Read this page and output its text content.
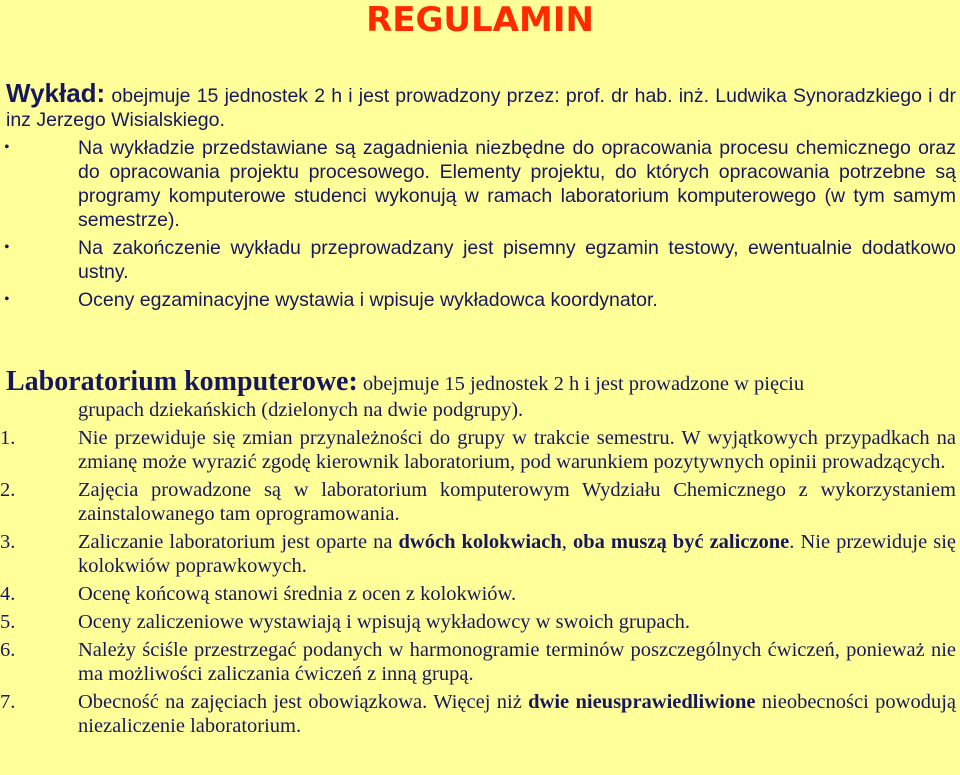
REGULAMIN
Wykład: obejmuje 15 jednostek 2 h i jest prowadzony przez: prof. dr hab. inż. Ludwika Synoradzkiego i dr inz Jerzego Wisialskiego.
•	Na wykładzie przedstawiane są zagadnienia niezbędne do opracowania procesu chemicznego oraz do opracowania projektu procesowego. Elementy projektu, do których opracowania potrzebne są programy komputerowe studenci wykonują w ramach laboratorium komputerowego (w tym samym semestrze).
•	Na zakończenie wykładu przeprowadzany jest pisemny egzamin testowy, ewentualnie dodatkowo ustny.
•	Oceny egzaminacyjne wystawia i wpisuje wykładowca koordynator.
Laboratorium komputerowe: obejmuje 15 jednostek 2 h i jest prowadzone w pięciu
grupach dziekańskich (dzielonych na dwie podgrupy).
1.	Nie przewiduje się zmian przynależności do grupy w trakcie semestru. W wyjątkowych przypadkach na zmianę może wyrazić zgodę kierownik laboratorium, pod warunkiem pozytywnych opinii prowadzących.
2.	Zajęcia prowadzone są w laboratorium komputerowym Wydziału Chemicznego z wykorzystaniem zainstalowanego tam oprogramowania.
3.	Zaliczanie laboratorium jest oparte na dwóch kolokwiach, oba muszą być zaliczone. Nie przewiduje się kolokwiów poprawkowych.
4.	Ocenę końcową stanowi średnia z ocen z kolokwiów.
5.	Oceny zaliczeniowe wystawiają i wpisują wykładowcy w swoich grupach.
6.	Należy ściśle przestrzegać podanych w harmonogramie terminów poszczególnych ćwiczeń, ponieważ nie ma możliwości zaliczania ćwiczeń z inną grupą.
7.	Obecność na zajęciach jest obowiązkowa. Więcej niż dwie nieusprawiedliwione nieobecności powodują niezaliczenie laboratorium.
